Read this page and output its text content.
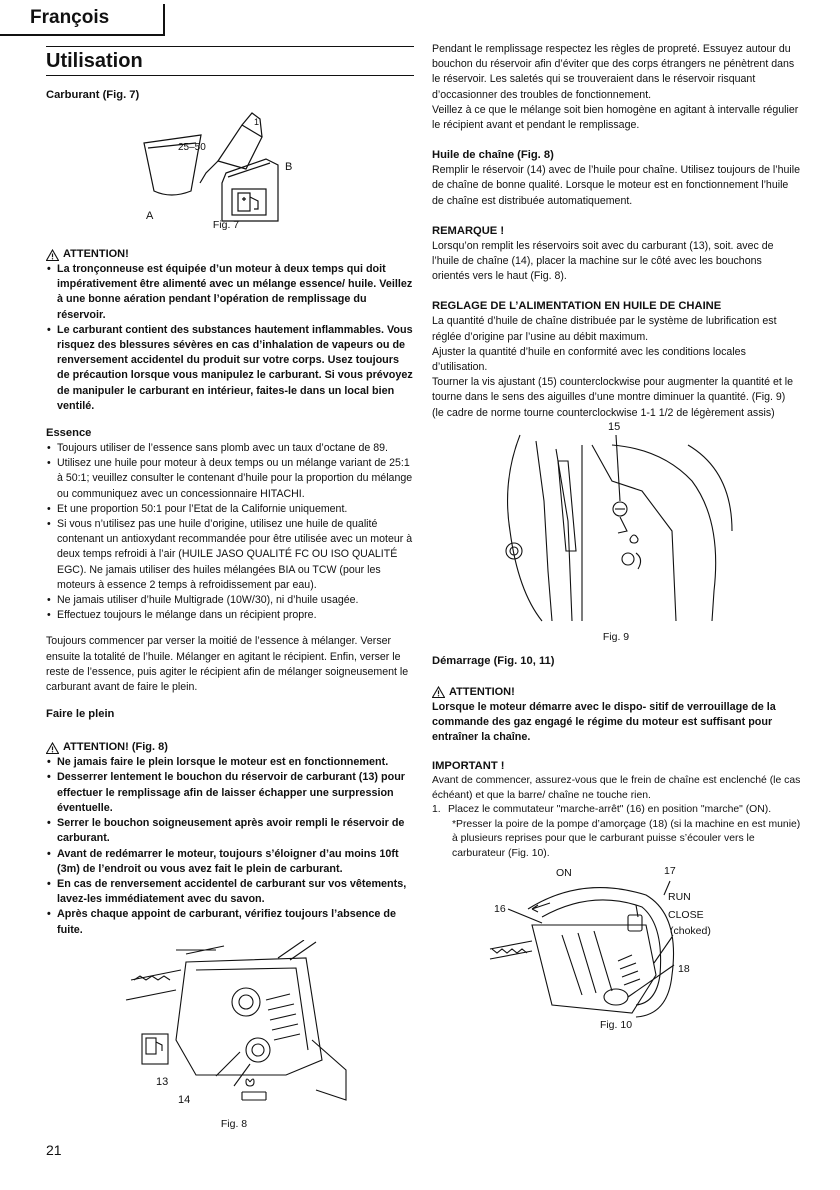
François
Utilisation
Carburant (Fig. 7)
25–50
1
A
B
Fig. 7
ATTENTION!
• La tronçonneuse est équipée d’un moteur à deux temps qui doit impérativement être alimenté avec un mélange essence/ huile. Veillez à une bonne aération pendant l’opération de remplissage du réservoir.
• Le carburant contient des substances hautement inflammables. Vous risquez des blessures sévères en cas d’inhalation de vapeurs ou de renversement accidentel du produit sur votre corps. Usez toujours de précaution lorsque vous manipulez le carburant. Si vous prévoyez de manipuler le carburant en intérieur, faites-le dans un local bien ventilé.
Essence
• Toujours utiliser de l’essence sans plomb avec un taux d’octane de 89.
• Utilisez une huile pour moteur à deux temps ou un mélange variant de 25:1 à 50:1; veuillez consulter le contenant d’huile pour la proportion du mélange ou communiquez avec un concessionnaire HITACHI.
• Et une proportion 50:1 pour l’Etat de la Californie uniquement.
• Si vous n’utilisez pas une huile d’origine, utilisez une huile de qualité contenant un antioxydant recommandée pour être utilisée avec un moteur à deux temps refroidi à l’air (HUILE JASO QUALITÉ FC OU ISO QUALITÉ EGC). Ne jamais utiliser des huiles mélangées BIA ou TCW (pour les moteurs à essence 2 temps à refroidissement par eau).
• Ne jamais utiliser d’huile Multigrade (10W/30), ni d’huile usagée.
• Effectuez toujours le mélange dans un récipient propre.
Toujours commencer par verser la moitié de l’essence à mélanger. Verser ensuite la totalité de l’huile. Mélanger en agitant le récipient. Enfin, verser le reste de l’essence, puis agiter le récipient afin de mélanger soigneusement le carburant avant de faire le plein.
Faire le plein
ATTENTION! (Fig. 8)
• Ne jamais faire le plein lorsque le moteur est en fonctionnement.
• Desserrer lentement le bouchon du réservoir de carburant (13) pour effectuer le remplissage afin de laisser échapper une surpression éventuelle.
• Serrer le bouchon soigneusement après avoir rempli le réservoir de carburant.
• Avant de redémarrer le moteur, toujours s’éloigner d’au moins 10ft (3m) de l’endroit ou vous avez fait le plein de carburant.
• En cas de renversement accidentel de carburant sur vos vêtements, lavez-les immédiatement avec du savon.
• Après chaque appoint de carburant, vérifiez toujours l’absence de fuite.
13
14
Fig. 8
21
Pendant le remplissage respectez les règles de propreté. Essuyez autour du bouchon du réservoir afin d’éviter que des corps étrangers ne pénètrent dans le réservoir. Les saletés qui se trouveraient dans le réservoir risquant d’occasionner des troubles de fonctionnement.
Veillez à ce que le mélange soit bien homogène en agitant à intervalle régulier le récipient avant et pendant le remplissage.
Huile de chaîne (Fig. 8)
Remplir le réservoir (14) avec de l’huile pour chaîne. Utilisez toujours de l’huile de chaîne de bonne qualité. Lorsque le moteur est en fonctionnement l’huile de chaîne est distribuée automatiquement.
REMARQUE !
Lorsqu’on remplit les réservoirs soit avec du carburant (13), soit. avec de l’huile de chaîne (14), placer la machine sur le côté avec les bouchons orientés vers le haut (Fig. 8).
REGLAGE DE L’ALIMENTATION EN HUILE DE CHAINE
La quantité d’huile de chaîne distribuée par le système de lubrification est réglée d’origine par l’usine au débit maximum.
Ajuster la quantité d’huile en conformité avec les conditions locales d’utilisation.
Tourner la vis ajustant (15) counterclockwise pour augmenter la quantité et le tourne dans le sens des aiguilles d’une montre diminuer la quantité. (Fig. 9)
(le cadre de norme tourne counterclockwise 1-1 1/2 de légèrement assis)
15
Fig. 9
Démarrage (Fig. 10, 11)
ATTENTION!
Lorsque le moteur démarre avec le dispo- sitif de verrouillage de la commande des gaz engagé le régime du moteur est suffisant pour entraîner la chaîne.
IMPORTANT !
Avant de commencer, assurez-vous que le frein de chaîne est enclenché (le cas échéant) et que la barre/ chaîne ne touche rien.
1. Placez le commutateur "marche-arrêt" (16) en position "marche" (ON).
*Presser la poire de la pompe d’amorçage (18) (si la machine en est munie) à plusieurs reprises pour que le carburant puisse s’écouler vers le carburateur (Fig. 10).
ON	17
16
RUN
CLOSE
(choked)
18
Fig. 10
